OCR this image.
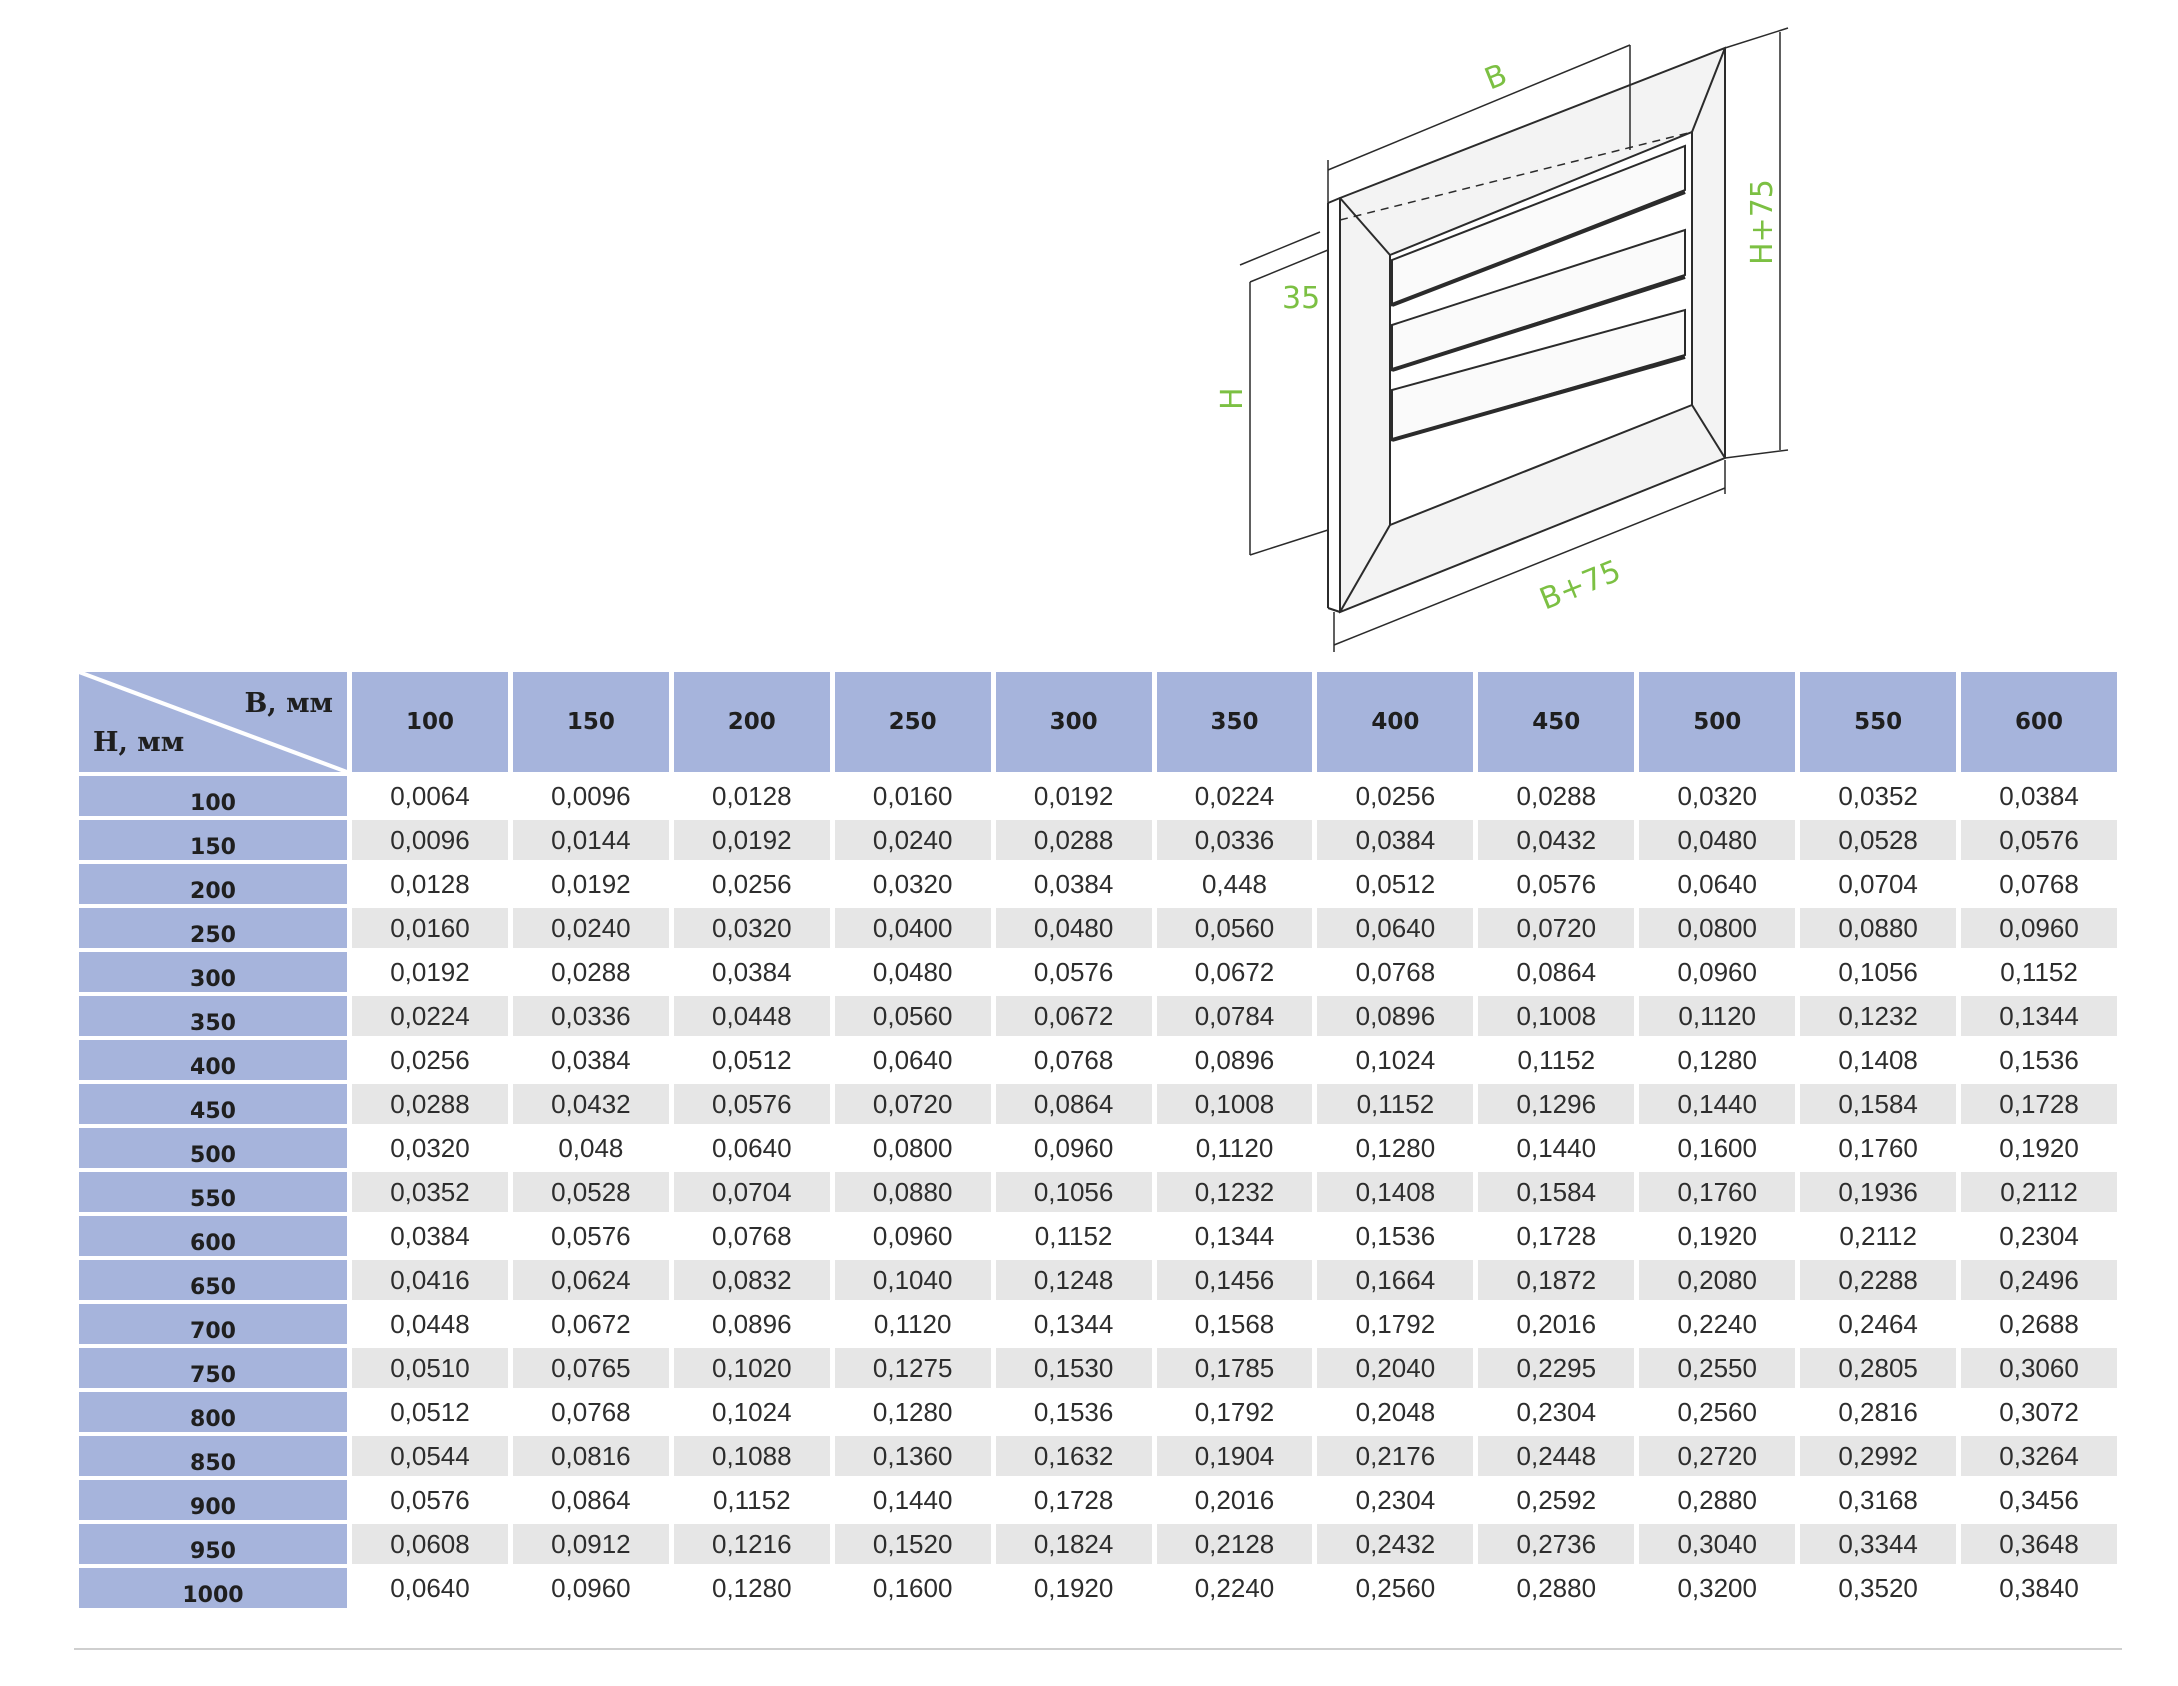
B
H+75
35
H
B+75
B, мм
H, мм	100	150	200	250	300	350	400	450	500	550	600
100	0,0064	0,0096	0,0128	0,0160	0,0192	0,0224	0,0256	0,0288	0,0320	0,0352	0,0384
150	0,0096	0,0144	0,0192	0,0240	0,0288	0,0336	0,0384	0,0432	0,0480	0,0528	0,0576
200	0,0128	0,0192	0,0256	0,0320	0,0384	0,448	0,0512	0,0576	0,0640	0,0704	0,0768
250	0,0160	0,0240	0,0320	0,0400	0,0480	0,0560	0,0640	0,0720	0,0800	0,0880	0,0960
300	0,0192	0,0288	0,0384	0,0480	0,0576	0,0672	0,0768	0,0864	0,0960	0,1056	0,1152
350	0,0224	0,0336	0,0448	0,0560	0,0672	0,0784	0,0896	0,1008	0,1120	0,1232	0,1344
400	0,0256	0,0384	0,0512	0,0640	0,0768	0,0896	0,1024	0,1152	0,1280	0,1408	0,1536
450	0,0288	0,0432	0,0576	0,0720	0,0864	0,1008	0,1152	0,1296	0,1440	0,1584	0,1728
500	0,0320	0,048	0,0640	0,0800	0,0960	0,1120	0,1280	0,1440	0,1600	0,1760	0,1920
550	0,0352	0,0528	0,0704	0,0880	0,1056	0,1232	0,1408	0,1584	0,1760	0,1936	0,2112
600	0,0384	0,0576	0,0768	0,0960	0,1152	0,1344	0,1536	0,1728	0,1920	0,2112	0,2304
650	0,0416	0,0624	0,0832	0,1040	0,1248	0,1456	0,1664	0,1872	0,2080	0,2288	0,2496
700	0,0448	0,0672	0,0896	0,1120	0,1344	0,1568	0,1792	0,2016	0,2240	0,2464	0,2688
750	0,0510	0,0765	0,1020	0,1275	0,1530	0,1785	0,2040	0,2295	0,2550	0,2805	0,3060
800	0,0512	0,0768	0,1024	0,1280	0,1536	0,1792	0,2048	0,2304	0,2560	0,2816	0,3072
850	0,0544	0,0816	0,1088	0,1360	0,1632	0,1904	0,2176	0,2448	0,2720	0,2992	0,3264
900	0,0576	0,0864	0,1152	0,1440	0,1728	0,2016	0,2304	0,2592	0,2880	0,3168	0,3456
950	0,0608	0,0912	0,1216	0,1520	0,1824	0,2128	0,2432	0,2736	0,3040	0,3344	0,3648
1000	0,0640	0,0960	0,1280	0,1600	0,1920	0,2240	0,2560	0,2880	0,3200	0,3520	0,3840
